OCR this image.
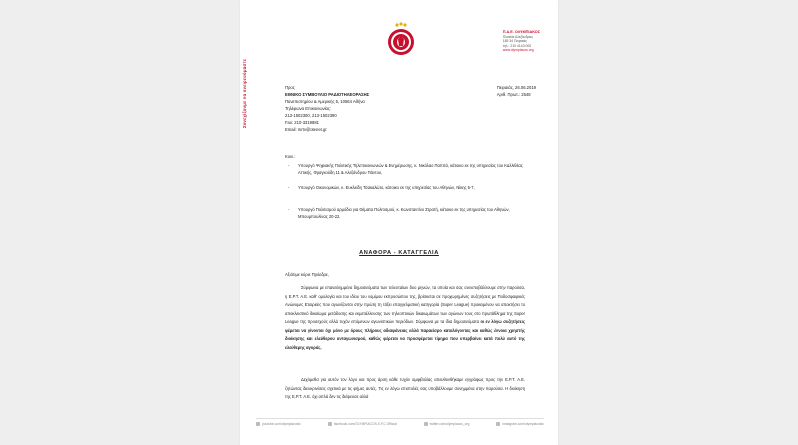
Συνεχίζουμε να ονειρευόμαστε
Π.Α.Ε. ΟΛΥΜΠΙΑΚΟΣ
Πλατεία Αλεξάνδρας
185 34 Πειραιάς
τηλ.: 210 4143 000
www.olympiacos.org
Προς
ΕΘΝΙΚΟ ΣΥΜΒΟΥΛΙΟ ΡΑΔΙΟΤΗΛΕΟΡΑΣΗΣ
Πανεπιστημίου & Αμερικής 5, 10564 Αθήνα
Τηλέφωνα Επικοινωνίας:
213-1502300, 213-1502390
Fax: 210-3319881
Email: mrtv@otenet.gr
Πειραιάς, 26.06.2019
Αριθ. Πρωτ.: 2548
Κοιν.:
- Υπουργό Ψηφιακής Πολιτικής Τηλεπικοινωνιών & Ενημέρωσης, κ. Νικόλαο Παππά, κάτοικο εκ της υπηρεσίας του Καλλιθέας Αττικής, Φραγκούδη 11 & Αλεξάνδρου Πάντου,
- Υπουργό Οικονομικών, κ. Ευκλείδη Τσακαλώτο, κάτοικο εκ της υπηρεσίας του Αθηνών, Νίκης 5-7,
- Υπουργό Πολιτισμού αρμόδιο για Θέματα Πολιτισμού, κ. Κωνσταντίνο Στρατή, κάτοικο εκ της υπηρεσίας του Αθηνών, Μπουμπουλίνας 20-22.
ΑΝΑΦΟΡΑ - ΚΑΤΑΓΓΕΛΙΑ
Αξιότιμε κύριε Πρόεδρε,
Σύμφωνα με επανειλημμένα δημοσιεύματα των τελευταίων δυο μηνών, τα οποία και σας συνυποβάλλουμε στην παρούσα, η Ε.Ρ.Τ. Α.Ε. καθ' ομολογία και του ιδίου του νομίμου εκπροσώπου της, βρίσκεται σε προχωρημένες συζητήσεις με Ποδοσφαιρικές Ανώνυμες Εταιρείες που αγωνίζονται στην πρώτη τη τάξει επαγγελματική κατηγορία (Super League) προκειμένου να αποκτήσει το αποκλειστικό δικαίωμα μετάδοσης και εκμετάλλευσης των τηλεοπτικών δικαιωμάτων των αγώνων τους στο πρωτάθλημα της Super League της προσεχούς αλλά τυχόν επόμενων αγωνιστικών περιόδων. Σύμφωνα με τα ίδια δημοσιεύματα οι εν λόγω συζητήσεις φέρεται να γίνονται όχι μόνο με όρους πλήρους αδιαφάνειας αλλά παραείσρο καταλόγοντας και καθώς έννοια χρηστής διοίκησης και ελεύθερου ανταγωνισμού, καθώς φέρεται να προσφέρεται τίμημα που υπερβαίνει κατά πολύ αυτό της ελεύθερης αγοράς.
Δεχόμεθα για αυτόν τον λόγο και προς άρση κάθε τυχόν αμφιβολίας απευθυνθήκαμε εγγράφως προς την Ε.Ρ.Τ. Α.Ε. ζητώντας διευκρινίσεις σχετικά με τις φήμες αυτές. Τις εν λόγω επιστολές σας υποβάλλουμε συνημμένα στην παρούσα. Η διοίκηση της Ε.Ρ.Τ. Α.Ε. όχι απλά δεν τις διέψευσε αλλά
youtube.com/olympiacosfc	facebook.com/OLYMPIACOS.S.F.C.Official	twitter.com/olympiacos_org	instagram.com/olympiacosfc
